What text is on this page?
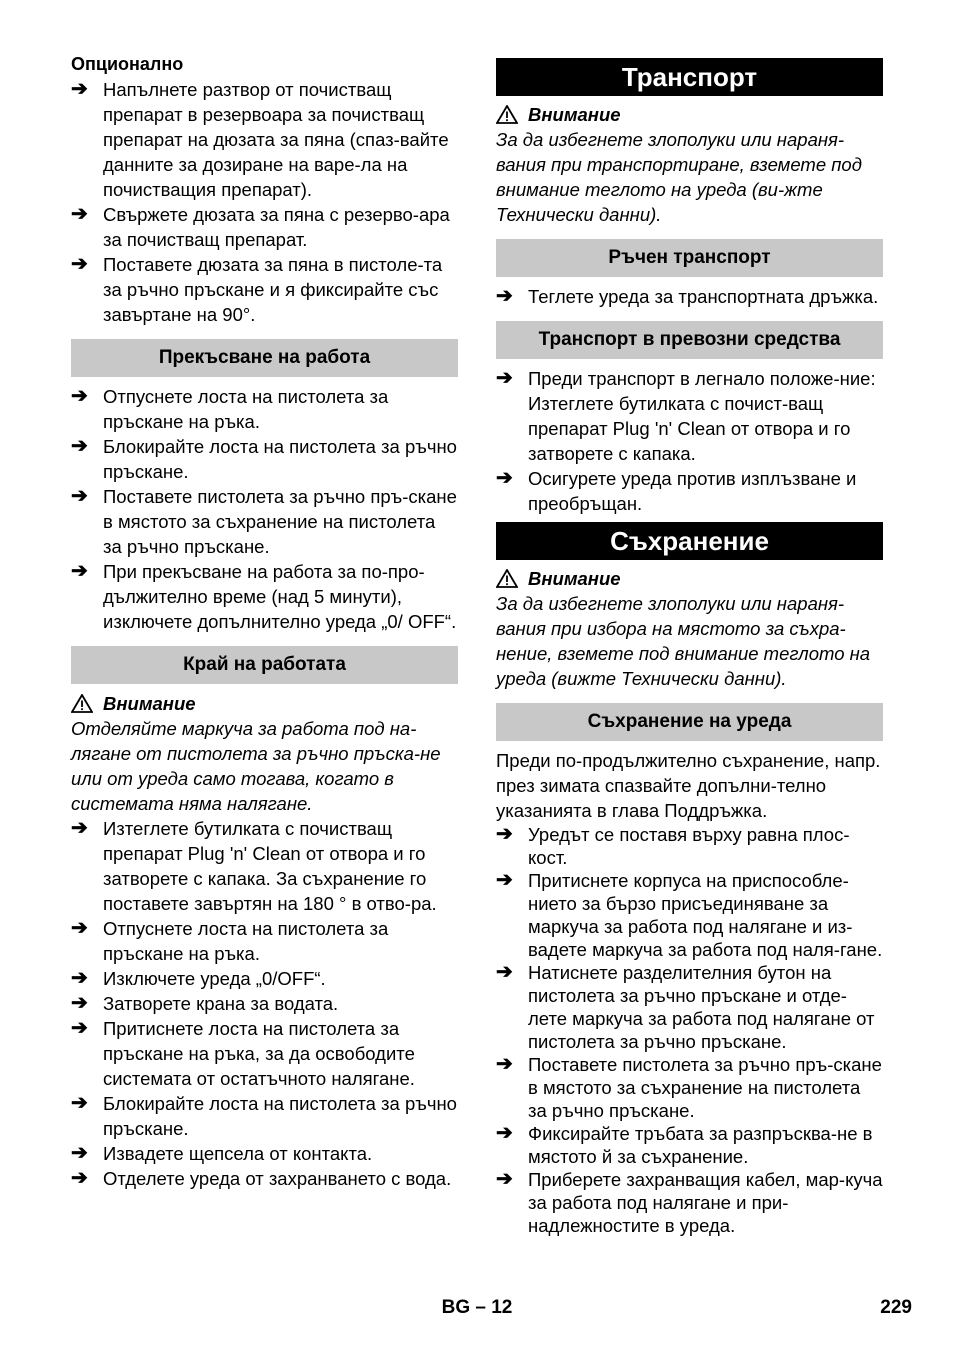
Опционално
➔ Напълнете разтвор от почистващ препарат в резервоара за почистващ препарат на дюзата за пяна (спаз-вайте данните за дозиране на варе-ла на почистващия препарат).
➔ Свържете дюзата за пяна с резерво-ара за почистващ препарат.
➔ Поставете дюзата за пяна в пистоле-та за ръчно пръскане и я фиксирайте със завъртане на 90°.
Прекъсване на работа
➔ Отпуснете лоста на пистолета за пръскане на ръка.
➔ Блокирайте лоста на пистолета за ръчно пръскане.
➔ Поставете пистолета за ръчно пръ-скане в мястото за съхранение на пистолета за ръчно пръскане.
➔ При прекъсване на работа за по-про-дължително време (над 5 минути), изключете допълнително уреда „0/ OFF“.
Край на работата
Внимание
Отделяйте маркуча за работа под на-лягане от пистолета за ръчно пръска-не или от уреда само тогава, когато в системата няма налягане.
➔ Изтеглете бутилката с почистващ препарат Plug 'n' Clean от отвора и го затворете с капака. За съхранение го поставете завъртян на 180 ° в отво-ра.
➔ Отпуснете лоста на пистолета за пръскане на ръка.
➔ Изключете уреда „0/OFF“.
➔ Затворете крана за водата.
➔ Притиснете лоста на пистолета за пръскане на ръка, за да освободите системата от остатъчното налягане.
➔ Блокирайте лоста на пистолета за ръчно пръскане.
➔ Извадете щепсела от контакта.
➔ Отделете уреда от захранването с вода.
Транспорт
Внимание
За да избегнете злополуки или нараня-вания при транспортиране, вземете под внимание теглото на уреда (ви-жте Технически данни).
Ръчен транспорт
➔ Теглете уреда за транспортната дръжка.
Транспорт в превозни средства
➔ Преди транспорт в легнало положе-ние: Изтеглете бутилката с почист-ващ препарат Plug 'n' Clean от отвора и го затворете с капака.
➔ Осигурете уреда против изплъзване и преобръщан.
Съхранение
Внимание
За да избегнете злополуки или нараня-вания при избора на мястото за съхра-нение, вземете под внимание теглото на уреда (вижте Технически данни).
Съхранение на уреда
Преди по-продължително съхранение, напр. през зимата спазвайте допълни-телно указанията в глава Поддръжка.
➔ Уредът се поставя върху равна плос-кост.
➔ Притиснете корпуса на приспособле-нието за бързо присъединяване за маркуча за работа под налягане и из-вадете маркуча за работа под наля-гане.
➔ Натиснете разделителния бутон на пистолета за ръчно пръскане и отде-лете маркуча за работа под налягане от пистолета за ръчно пръскане.
➔ Поставете пистолета за ръчно пръ-скане в мястото за съхранение на пистолета за ръчно пръскане.
➔ Фиксирайте тръбата за разпръсква-не в мястото й за съхранение.
➔ Приберете захранващия кабел, мар-куча за работа под налягане и при-надлежностите в уреда.
BG – 12	229
